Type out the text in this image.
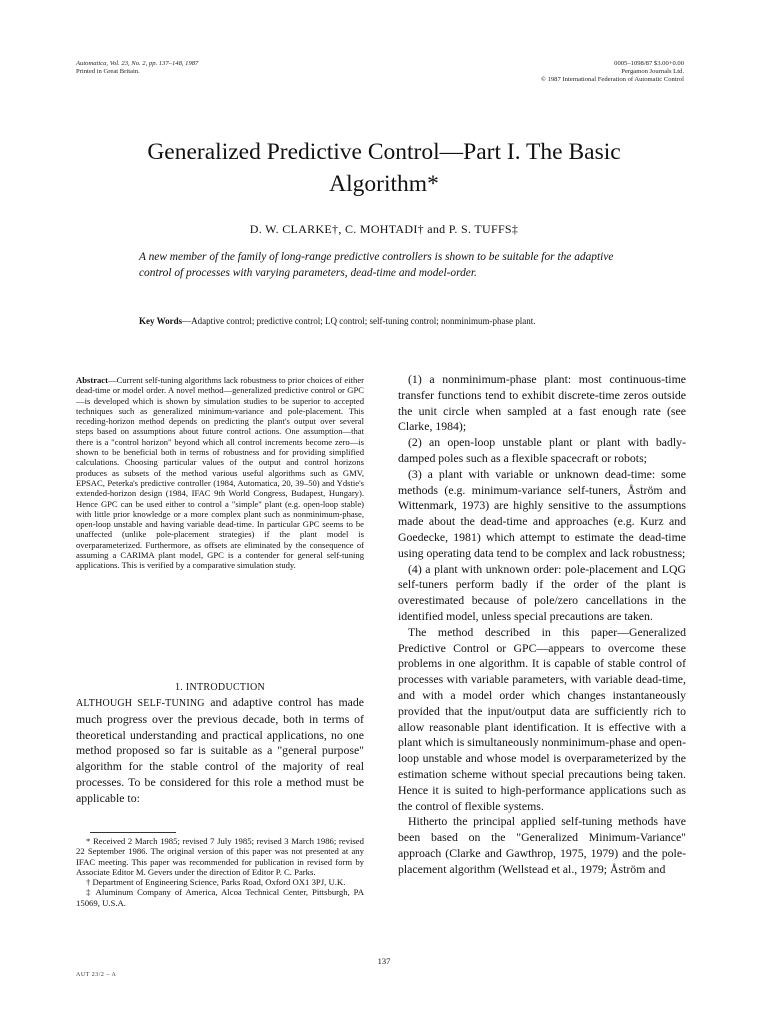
Automatica, Vol. 23, No. 2, pp. 137–148, 1987
Printed in Great Britain.
0005–1098/87 $3.00+0.00
Pergamon Journals Ltd.
© 1987 International Federation of Automatic Control
Generalized Predictive Control—Part I. The Basic
Algorithm*
D. W. CLARKE†, C. MOHTADI† and P. S. TUFFS‡
A new member of the family of long-range predictive controllers is shown to be suitable for the adaptive control of processes with varying parameters, dead-time and model-order.
Key Words—Adaptive control; predictive control; LQ control; self-tuning control; nonminimum-phase plant.
Abstract—Current self-tuning algorithms lack robustness to prior choices of either dead-time or model order. A novel method—generalized predictive control or GPC—is developed which is shown by simulation studies to be superior to accepted techniques such as generalized minimum-variance and pole-placement. This receding-horizon method depends on predicting the plant's output over several steps based on assumptions about future control actions. One assumption—that there is a "control horizon" beyond which all control increments become zero—is shown to be beneficial both in terms of robustness and for providing simplified calculations. Choosing particular values of the output and control horizons produces as subsets of the method various useful algorithms such as GMV, EPSAC, Peterka's predictive controller (1984, Automatica, 20, 39–50) and Ydstie's extended-horizon design (1984, IFAC 9th World Congress, Budapest, Hungary). Hence GPC can be used either to control a "simple" plant (e.g. open-loop stable) with little prior knowledge or a more complex plant such as nonminimum-phase, open-loop unstable and having variable dead-time. In particular GPC seems to be unaffected (unlike pole-placement strategies) if the plant model is overparameterized. Furthermore, as offsets are eliminated by the consequence of assuming a CARIMA plant model, GPC is a contender for general self-tuning applications. This is verified by a comparative simulation study.
1. INTRODUCTION
ALTHOUGH SELF-TUNING and adaptive control has made much progress over the previous decade, both in terms of theoretical understanding and practical applications, no one method proposed so far is suitable as a "general purpose" algorithm for the stable control of the majority of real processes. To be considered for this role a method must be applicable to:

* Received 2 March 1985; revised 7 July 1985; revised 3 March 1986; revised 22 September 1986. The original version of this paper was not presented at any IFAC meeting. This paper was recommended for publication in revised form by Associate Editor M. Gevers under the direction of Editor P. C. Parks.

† Department of Engineering Science, Parks Road, Oxford OX1 3PJ, U.K.

‡ Aluminum Company of America, Alcoa Technical Center, Pittsburgh, PA 15069, U.S.A.

(1) a nonminimum-phase plant: most continuous-time transfer functions tend to exhibit discrete-time zeros outside the unit circle when sampled at a fast enough rate (see Clarke, 1984);

(2) an open-loop unstable plant or plant with badly-damped poles such as a flexible spacecraft or robots;

(3) a plant with variable or unknown dead-time: some methods (e.g. minimum-variance self-tuners, Åström and Wittenmark, 1973) are highly sensitive to the assumptions made about the dead-time and approaches (e.g. Kurz and Goedecke, 1981) which attempt to estimate the dead-time using operating data tend to be complex and lack robustness;

(4) a plant with unknown order: pole-placement and LQG self-tuners perform badly if the order of the plant is overestimated because of pole/zero cancellations in the identified model, unless special precautions are taken.

The method described in this paper—Generalized Predictive Control or GPC—appears to overcome these problems in one algorithm. It is capable of stable control of processes with variable parameters, with variable dead-time, and with a model order which changes instantaneously provided that the input/output data are sufficiently rich to allow reasonable plant identification. It is effective with a plant which is simultaneously nonminimum-phase and open-loop unstable and whose model is overparameterized by the estimation scheme without special precautions being taken. Hence it is suited to high-performance applications such as the control of flexible systems.

Hitherto the principal applied self-tuning methods have been based on the "Generalized Minimum-Variance" approach (Clarke and Gawthrop, 1975, 1979) and the pole-placement algorithm (Wellstead et al., 1979; Åström and

137
AUT 23/2 – A
